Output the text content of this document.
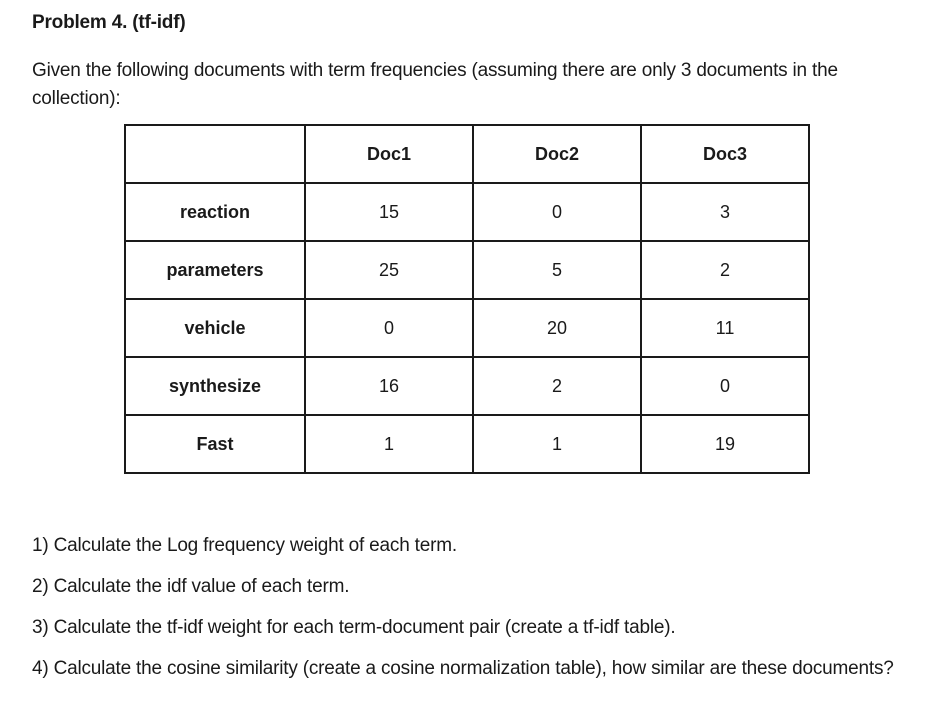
Problem 4. (tf-idf)
Given the following documents with term frequencies (assuming there are only 3 documents in the collection):
	Doc1	Doc2	Doc3
reaction	15	0	3
parameters	25	5	2
vehicle	0	20	11
synthesize	16	2	0
Fast	1	1	19
1) Calculate the Log frequency weight of each term.
2) Calculate the idf value of each term.
3) Calculate the tf-idf weight for each term-document pair (create a tf-idf table).
4) Calculate the cosine similarity (create a cosine normalization table), how similar are these documents?
